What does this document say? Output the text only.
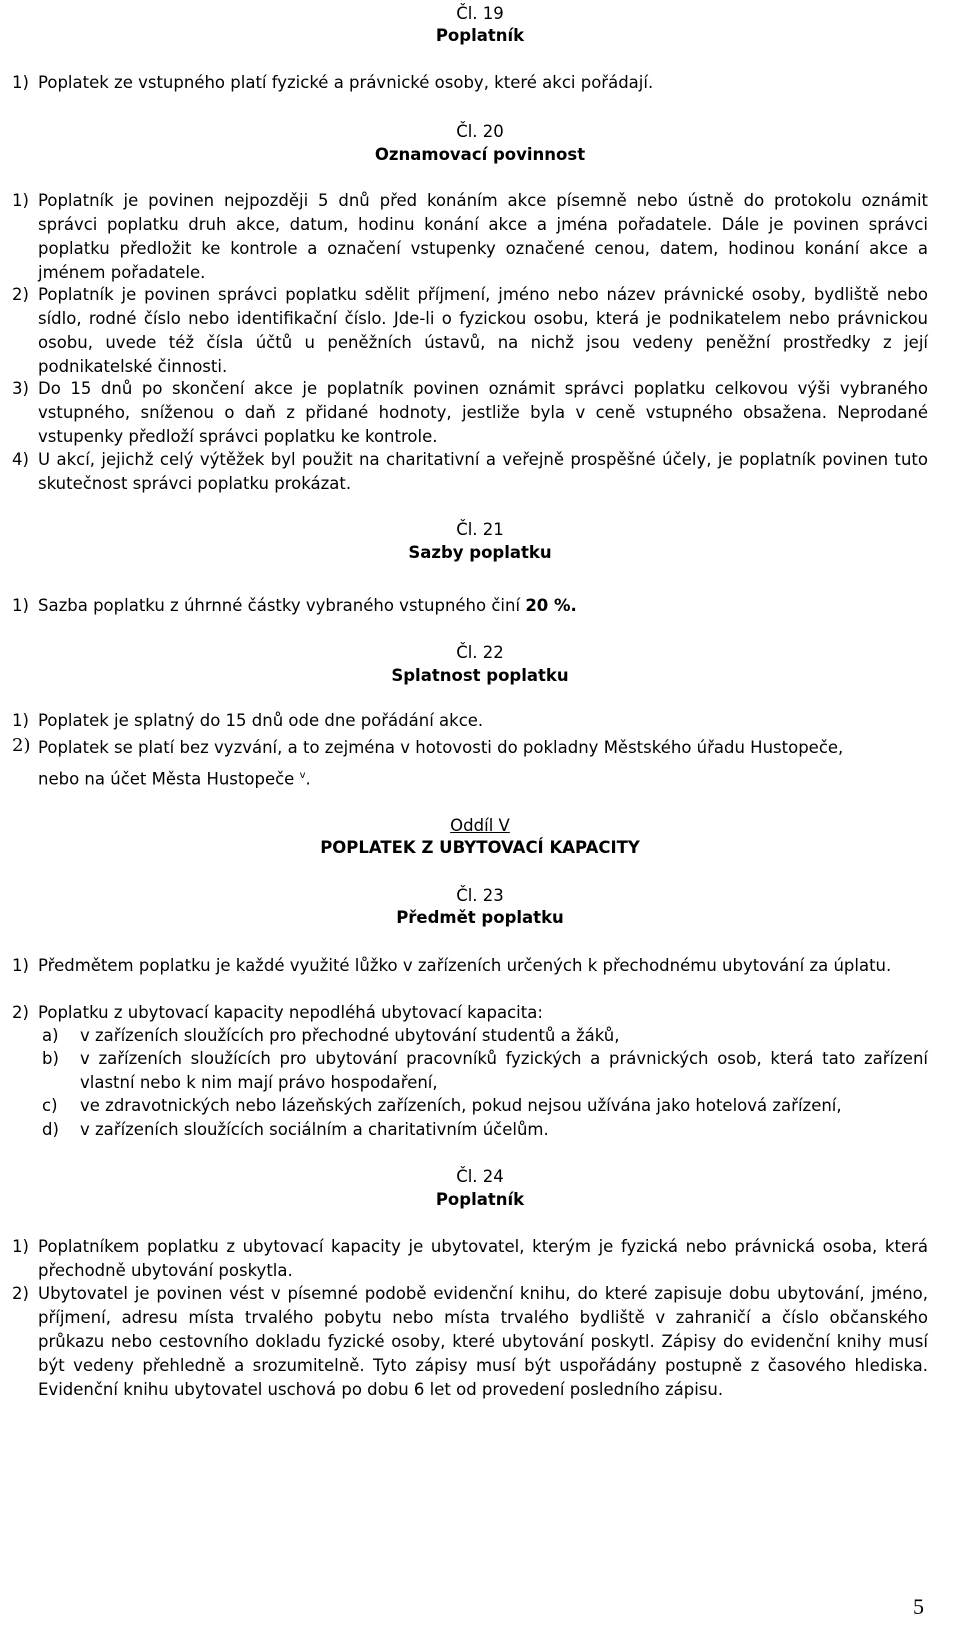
Čl. 19
Poplatník
1) Poplatek ze vstupného platí fyzické a právnické osoby, které akci pořádají.
Čl. 20
Oznamovací povinnost
1) Poplatník je povinen nejpozději 5 dnů před konáním akce písemně nebo ústně do protokolu oznámit správci poplatku druh akce, datum, hodinu konání akce a jména pořadatele. Dále je povinen správci poplatku předložit ke kontrole a označení vstupenky označené cenou, datem, hodinou konání akce a jménem pořadatele.
2) Poplatník je povinen správci poplatku sdělit příjmení, jméno nebo název právnické osoby, bydliště nebo sídlo, rodné číslo nebo identifikační číslo. Jde-li o fyzickou osobu, která je podnikatelem nebo právnickou osobu, uvede též čísla účtů u peněžních ústavů, na nichž jsou vedeny peněžní prostředky z její podnikatelské činnosti.
3) Do 15 dnů po skončení akce je poplatník povinen oznámit správci poplatku celkovou výši vybraného vstupného, sníženou o daň z přidané hodnoty, jestliže byla v ceně vstupného obsažena. Neprodané vstupenky předloží správci poplatku ke kontrole.
4) U akcí, jejichž celý výtěžek byl použit na charitativní a veřejně prospěšné účely, je poplatník povinen tuto skutečnost správci poplatku prokázat.
Čl. 21
Sazby poplatku
1) Sazba poplatku z úhrnné částky vybraného vstupného činí 20 %.
Čl. 22
Splatnost poplatku
1) Poplatek je splatný do 15 dnů ode dne pořádání akce.
2) Poplatek se platí bez vyzvání, a to zejména v hotovosti do pokladny Městského úřadu Hustopeče,
nebo na účet Města Hustopeče $^v$.
Oddíl V
POPLATEK Z UBYTOVACÍ KAPACITY
Čl. 23
Předmět poplatku
1) Předmětem poplatku je každé využité lůžko v zařízeních určených k přechodnému ubytování za úplatu.
2) Poplatku z ubytovací kapacity nepodléhá ubytovací kapacita:
a) v zařízeních sloužících pro přechodné ubytování studentů a žáků,
b) v zařízeních sloužících pro ubytování pracovníků fyzických a právnických osob, která tato zařízení vlastní nebo k nim mají právo hospodaření,
c) ve zdravotnických nebo lázeňských zařízeních, pokud nejsou užívána jako hotelová zařízení,
d) v zařízeních sloužících sociálním a charitativním účelům.
Čl. 24
Poplatník
1) Poplatníkem poplatku z ubytovací kapacity je ubytovatel, kterým je fyzická nebo právnická osoba, která přechodně ubytování poskytla.
2) Ubytovatel je povinen vést v písemné podobě evidenční knihu, do které zapisuje dobu ubytování, jméno, příjmení, adresu místa trvalého pobytu nebo místa trvalého bydliště v zahraničí a číslo občanského průkazu nebo cestovního dokladu fyzické osoby, které ubytování poskytl. Zápisy do evidenční knihy musí být vedeny přehledně a srozumitelně. Tyto zápisy musí být uspořádány postupně z časového hlediska. Evidenční knihu ubytovatel uschová po dobu 6 let od provedení posledního zápisu.
5
